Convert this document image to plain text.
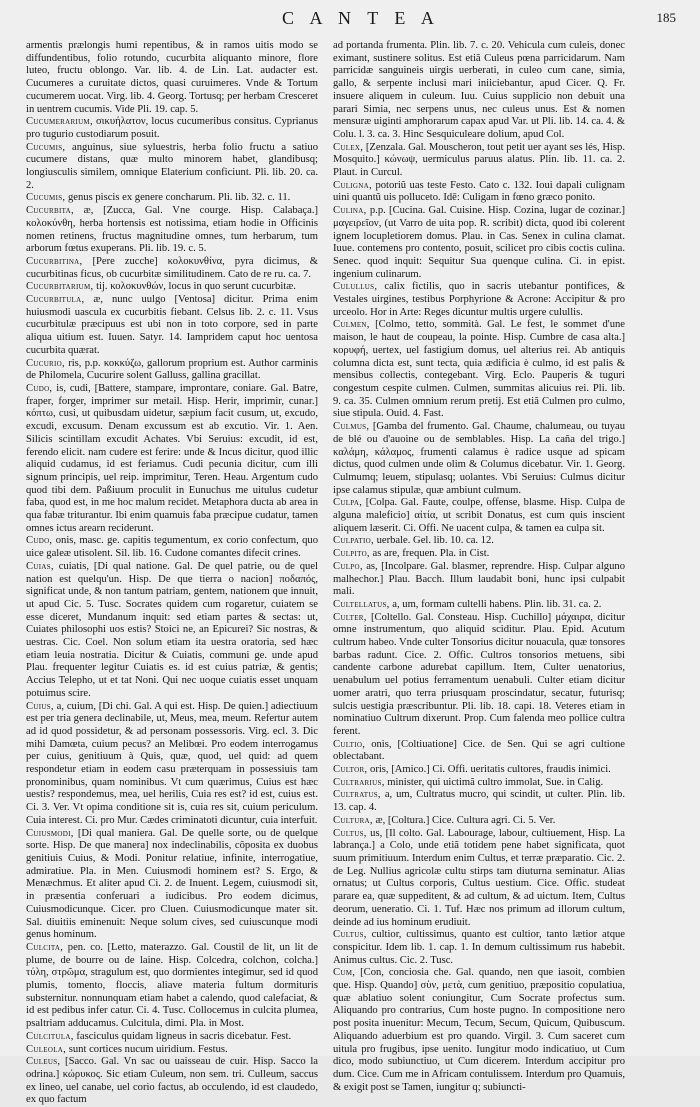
C A N T E A	185

armentis prælongis humi repentibus, & in ramos uitis modo se diffundentibus, folio rotundo, cucurbita aliquanto minore, flore luteo, fructu oblongo. Var. lib. 4. de Lin. Lat. audacter est. Cucumeres a curuitate dictos, quasi curuimeres. Vnde & Tortum cucumerem uocat. Virg. lib. 4. Georg. Tortusq; per herbam Cresceret in uentrem cucumis. Vide Pli. 19. cap. 5.

Cucumerarium, σικυήλατον, locus cucumeribus consitus. Cyprianus pro tugurio custodiarum posuit.

Cucumis, anguinus, siue syluestris, herba folio fructu a satiuo cucumere distans, quæ multo minorem habet, glandibusq; longiusculis similem, omnique Elaterium conficiunt. Pli. lib. 20. ca. 2.

Cucumis, genus piscis ex genere concharum. Pli. lib. 32. c. 11.

Cucurbita, æ, [Zucca, Gal. Vne courge. Hisp. Calabaça.] κολοκύνθη, herba hortensis est notissima, etiam hodie in Officinis nomen retinens, fructus magnitudine omnes, tum herbarum, tum arborum fœtus exuperans. Pli. lib. 19. c. 5.

Cucurbitina, [Pere zucche] κολοκυνθίνα, pyra dicimus, & cucurbitinas ficus, ob cucurbitæ similitudinem. Cato de re ru. ca. 7.

Cucurbitarium, tij. κολοκυνθών, locus in quo serunt cucurbitæ.

Cucurbitula, æ, nunc uulgo [Ventosa] dicitur. Prima enim huiusmodi uascula ex cucurbitis fiebant. Celsus lib. 2. c. 11. Vsus cucurbitulæ præcipuus est ubi non in toto corpore, sed in parte aliqua uitium est. Iuuen. Satyr. 14. Iampridem caput hoc uentosa cucurbita quærat.

Cucurio, ris, p.p. κοκκύζω, gallorum proprium est. Author carminis de Philomela, Cucurire solent Galluss, gallina gracillat.

Cudo, is, cudi, [Battere, stampare, improntare, coniare. Gal. Batre, fraper, forger, imprimer sur metail. Hisp. Herir, imprimir, cunar.] κόπτω, cusi, ut quibusdam uidetur, sæpium facit cusum, ut, excudo, excudi, excusum. Denam excussum est ab excutio. Vir. 1. Aen. Silicis scintillam excudit Achates. Vbi Seruius: excudit, id est, ferendo elicit. nam cudere est ferire: unde & Incus dicitur, quod illic aliquid cudamus, id est feriamus. Cudi pecunia dicitur, cum illi signum principis, uel reip. imprimitur, Teren. Heau. Argentum cudo quod tibi dem. Paßiuum proculit in Eunuchus me uitulus cudetur faba, quod est, in me hoc malum recidet. Metaphora ducta ab area in qua fabæ triturantur. Ibi enim quamuis faba præcipue cudatur, tamen omnes ictus arearn reciderunt.

Cudo, onis, masc. ge. capitis tegumentum, ex corio confectum, quo uice galeæ utisolent. Sil. lib. 16. Cudone comantes difecit crines.

Cuias, cuiatis, [Di qual natione. Gal. De quel patrie, ou de quel nation est quelqu'un. Hisp. De que tierra o nacion] ποδαπός, significat unde, & non tantum patriam, gentem, nationem que innuit, ut apud Cic. 5. Tusc. Socrates quidem cum rogaretur, cuiatem se esse diceret, Mundanum inquit: sed etiam partes & sectas: ut, Cuiates philosophi uos estis? Stoici ne, an Epicurei? Sic nostras, & uestras. Cic. Coel. Non solum etiam ita uestra oratoria, sed hæc etiam leuia nostratia. Dicitur & Cuiatis, communi ge. unde apud Plau. frequenter legitur Cuiatis es. id est cuius patriæ, & gentis; Accius Telepho, ut et tat Noni. Qui nec uoque cuiatis esset unquam potuimus scire.

Cuius, a, cuium, [Di chi. Gal. A qui est. Hisp. De quien.] adiectiuum est per tria genera declinabile, ut, Meus, mea, meum. Refertur autem ad id quod possidetur, & ad personam possessoris. Virg. ecl. 3. Dic mihi Damœta, cuium pecus? an Melibœi. Pro eodem interrogamus per cuius, genitiuum à Quis, quæ, quod, uel quid: ad quem respondetur etiam in eodem casu præterquam in possessiuis tam pronominibus, quam nominibus. Vt cum quærimus, Cuius est hæc uestis? respondemus, mea, uel herilis, Cuia res est? id est, cuius est. Ci. 3. Ver. Vt opima conditione sit is, cuia res sit, cuium periculum. Cuia interest. Ci. pro Mur. Cædes criminatoti dicuntur, cuia interfuit.

Cuiusmodi, [Di qual maniera. Gal. De quelle sorte, ou de quelque sorte. Hisp. De que manera] nox indeclinabilis, cõposita ex duobus genitiuis Cuius, & Modi. Ponitur relatiue, infinite, interrogatiue, admiratiue. Pla. in Men. Cuiusmodi hominem est? S. Ergo, & Menæchmus. Et aliter apud Ci. 2. de Inuent. Legem, cuiusmodi sit, in præsentia conferuari a iudicibus. Pro eodem dicimus, Cuiusmodicunque. Cicer. pro Cluen. Cuiusmodicunque mater sit. Sal. diuitiis eminenuit: Neque solum cives, sed cuiuscunque modi genus hominum.

Culcita, pen. co. [Letto, materazzo. Gal. Coustil de lit, un lit de plume, de bourre ou de laine. Hisp. Colcedra, colchon, colcha.] τύλη, στρῶμα, stragulum est, quo dormientes integimur, sed id quod plumis, tomento, floccis, aliave materia fultum dormituris substernitur. nonnunquam etiam habet a calendo, quod calefaciat, & id est pedibus infer catur. Ci. 4. Tusc. Collocemus in culcita plumea, psaltriam adducamus. Culcitula, dimi. Pla. in Most.

Culcitula, fasciculus quidam ligneus in sacris dicebatur. Fest.

Culeola, sunt cortices nucum uiridium. Festus.

Culeus, [Sacco. Gal. Vn sac ou uaisseau de cuir. Hisp. Sacco la odrina.] κώρυκος. Sic etiam Culeum, non sem. tri. Culleum, saccus ex lineo, uel canabe, uel corio factus, ab occulendo, id est claudedo, ex quo factum

ad portanda frumenta. Plin. lib. 7. c. 20. Vehicula cum culeis, donec eximant, sustinere solitus. Est etiã Culeus pœna parricidarum. Nam parricidæ sanguineis uirgis uerberati, in culeo cum cane, simia, gallo, & serpente inclusi mari iniiciebantur, apud Cicer. Q. Fr. insuere aliquem in culeum. Iuu. Cuius supplicio non debuit una parari Simia, nec serpens unus, nec culeus unus. Est & nomen mensuræ uiginti amphorarum capax apud Var. ut Pli. lib. 14. ca. 4. & Colu. l. 3. ca. 3. Hinc Sesquiculeare dolium, apud Col.

Culex, [Zenzala. Gal. Mouscheron, tout petit uer ayant ses lés, Hisp. Mosquito.] κώνωψ, uermiculus paruus alatus. Plin. lib. 11. ca. 2. Plaut. in Curcul.

Culigna, potoriũ uas teste Festo. Cato c. 132. Ioui dapali culignam uini quantũ uis polluceto. Idē: Culigam in fœno græco ponito.

Culina, p.p. [Cucina. Gal. Cuisine. Hisp. Cozina, lugar de cozinar.] μαγειρεῖον, (ut Varro de uita pop. R. scribit) dicta, quod ibi colerent ignem locupletiorem domus. Plau. in Cas. Senex in culina clamat. Iuue. contemens pro contento, posuit, scilicet pro cibis coctis culina. Senec. quod inquit: Sequitur Sua quenque culina. Ci. in epist. ingenium culinarum.

Culullus, calix fictilis, quo in sacris utebantur pontifices, & Vestales uirgines, testibus Porphyrione & Acrone: Accipitur & pro urceolo. Hor in Arte: Reges dicuntur multis urgere culullis.

Culmen, [Colmo, tetto, sommità. Gal. Le fest, le sommet d'une maison, le haut de coupeau, la pointe. Hisp. Cumbre de casa alta.] κορυφή, uertex, uel fastigium domus, uel alterius rei. Ab antiquis columna dicta est, sunt tecta, quia ædificia è culmo, id est palis & mensibus collectis, contegebant. Virg. Eclo. Pauperis & tuguri congestum cespite culmen. Culmen, summitas alicuius rei. Pli. lib. 9. ca. 35. Culmen omnium rerum pretij. Est etiã Culmen pro culmo, siue stipula. Ouid. 4. Fast.

Culmus, [Gamba del frumento. Gal. Chaume, chalumeau, ou tuyau de blé ou d'auoine ou de semblables. Hisp. La caña del trigo.] καλάμη, κάλαμος, frumenti calamus è radice usque ad spicam dictus, quod culmen unde olim & Columus dicebatur. Vir. 1. Georg. Culmumq; leuem, stipulasq; uolantes. Vbi Seruius: Culmus dicitur ipse calamus stipulæ, quæ ambiunt culmum.

Culpa, [Colpa. Gal. Faute, coulpe, offense, blasme. Hisp. Culpa de alguna maleficio] αἰτία, ut scribit Donatus, est cum quis inscient aliquem læserit. Ci. Offi. Ne uacent culpa, & tamen ea culpa sit.

Culpatio, uerbale. Gel. lib. 10. ca. 12.

Culpito, as are, frequen. Pla. in Cist.

Culpo, as, [Incolpare. Gal. blasmer, reprendre. Hisp. Culpar alguno malhechor.] Plau. Bacch. Illum laudabit boni, hunc ipsi culpabit mali.

Cultellatus, a, um, formam cultelli habens. Plin. lib. 31. ca. 2.

Culter, [Coltello. Gal. Consteau. Hisp. Cuchillo] μάχαιρα, dicitur omne instrumentum, quo aliquid sciditur. Plau. Epid. Acutum cultrum habeo. Vnde culter Tonsorius dicitur nouacula, quæ tonsores barbas radunt. Cice. 2. Offic. Cultros tonsorios metuens, sibi candente carbone adurebat capillum. Item, Culter uenatorius, uenabulum uel potius ferramentum uenabuli. Culter etiam dicitur uomer aratri, quo terra priusquam proscindatur, secatur, futurisq; sulcis uestigia præscribuntur. Pli. lib. 18. capi. 18. Veteres etiam in nominatiuo Cultrum dixerunt. Prop. Cum falenda meo pollice cultra ferent.

Cultio, onis, [Coltiuatione] Cice. de Sen. Qui se agri cultione oblectabant.

Cultor, oris, [Amico.] Ci. Offi. ueritatis cultores, fraudis inimici.

Cultrarius, minister, qui uictimã cultro immolat, Sue. in Calig.

Cultratus, a, um, Cultratus mucro, qui scindit, ut culter. Plin. lib. 13. cap. 4.

Cultura, æ, [Coltura.] Cice. Cultura agri. Ci. 5. Ver.

Cultus, us, [Il colto. Gal. Labourage, labour, cultiuement, Hisp. La labrança.] a Colo, unde etiã totidem pene habet significata, quot suum primitiuum. Interdum enim Cultus, et terræ præparatio. Cic. 2. de Leg. Nullius agricolæ cultu stirps tam diuturna seminatur. Alias ornatus; ut Cultus corporis, Cultus uestium. Cice. Offic. studeat parare ea, quæ suppeditent, & ad cultum, & ad uictum. Item, Cultus deorum, ueneratio. Ci. 1. Tuf. Hæc nos primum ad illorum cultum, deinde ad ius hominum erudiuit.

Cultus, cultior, cultissimus, quanto est cultior, tanto lætior atque conspicitur. Idem lib. 1. cap. 1. In demum cultissimum rus habebit. Animus cultus. Cic. 2. Tusc.

Cum, [Con, conciosia che. Gal. quando, nen que iasoit, combien que. Hisp. Quando] σὺν, μετὰ, cum genitiuo, præpositio copulatiua, quæ ablatiuo solent coniungitur, Cum Socrate profectus sum. Aliquando pro contrarius, Cum hoste pugno. In compositione nero post posita inuenitur: Mecum, Tecum, Secum, Quicum, Quibuscum. Aliquando aduerbium est pro quando. Virgil. 3. Cum saceret cum uitula pro frugibus, ipse uenito. Iungitur modo indicatiuo, ut Cum dico, modo subiunctiuo, ut Cum dicerem. Interdum accipitur pro dum. Cice. Cum me in Africam contulissem. Interdum pro Quamuis, & exigit post se Tamen, iungitur q; subiuncti-
